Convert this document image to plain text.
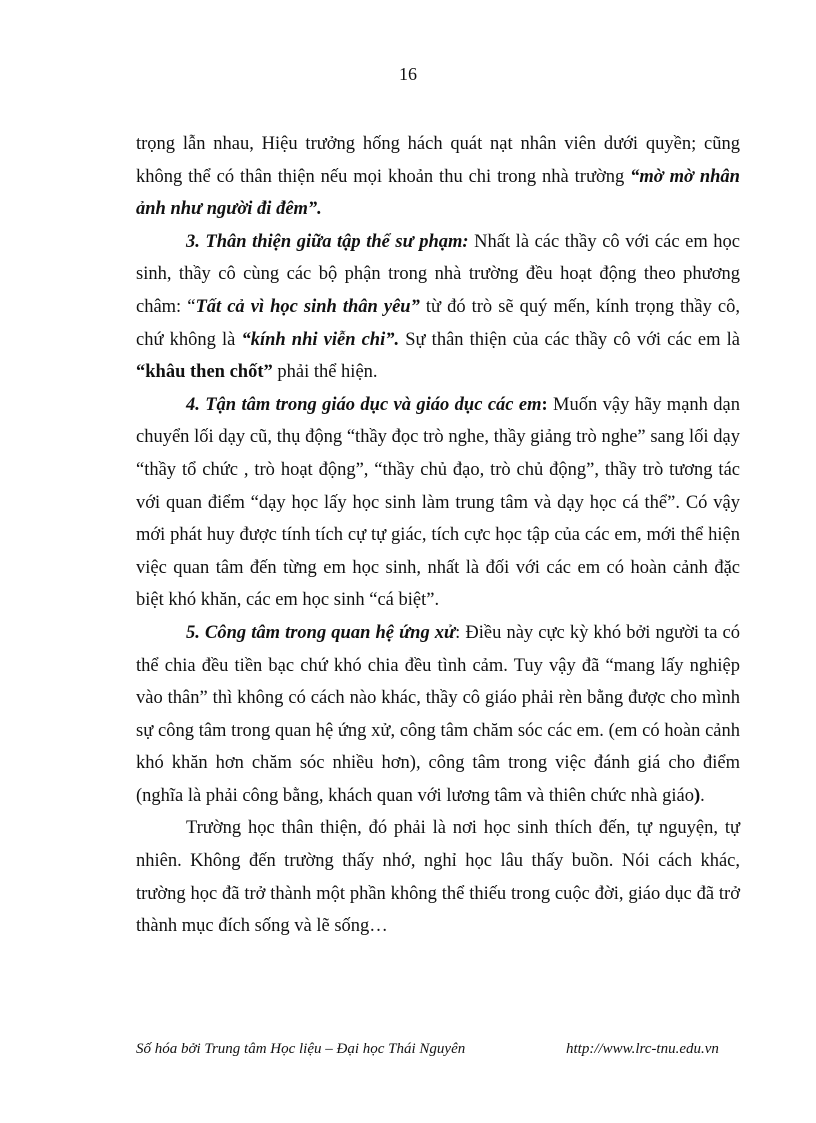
16

trọng lẫn nhau, Hiệu trưởng hống hách quát nạt nhân viên dưới quyền; cũng không thể có thân thiện nếu mọi khoản thu chi trong nhà trường “mờ mờ nhân ảnh như người đi đêm”.

3. Thân thiện giữa tập thể sư phạm: Nhất là các thầy cô với các em học sinh, thầy cô cùng các bộ phận trong nhà trường đều hoạt động theo phương châm: “Tất cả vì học sinh thân yêu” từ đó trò sẽ quý mến, kính trọng thầy cô, chứ không là “kính nhi viễn chi”. Sự thân thiện của các thầy cô với các em là “khâu then chốt” phải thể hiện.

4. Tận tâm trong giáo dục và giáo dục các em: Muốn vậy hãy mạnh dạn chuyển lối dạy cũ, thụ động “thầy đọc trò nghe, thầy giảng trò nghe” sang lối dạy “thầy tổ chức , trò hoạt động”, “thầy chủ đạo, trò chủ động”, thầy trò tương tác với quan điểm “dạy học lấy học sinh làm trung tâm và dạy học cá thể”. Có vậy mới phát huy được tính tích cự tự giác, tích cực học tập của các em, mới thể hiện việc quan tâm đến từng em học sinh, nhất là đối với các em có hoàn cảnh đặc biệt khó khăn, các em học sinh “cá biệt”.

5. Công tâm trong quan hệ ứng xử: Điều này cực kỳ khó bởi người ta có thể chia đều tiền bạc chứ khó chia đều tình cảm. Tuy vậy đã “mang lấy nghiệp vào thân” thì không có cách nào khác, thầy cô giáo phải rèn bằng được cho mình sự công tâm trong quan hệ ứng xử, công tâm chăm sóc các em. (em có hoàn cảnh khó khăn hơn chăm sóc nhiều hơn), công tâm trong việc đánh giá cho điểm (nghĩa là phải công bằng, khách quan với lương tâm và thiên chức nhà giáo).

Trường học thân thiện, đó phải là nơi học sinh thích đến, tự nguyện, tự nhiên. Không đến trường thấy nhớ, nghỉ học lâu thấy buồn. Nói cách khác, trường học đã trở thành một phần không thể thiếu trong cuộc đời, giáo dục đã trở thành mục đích sống và lẽ sống…

Số hóa bởi Trung tâm Học liệu – Đại học Thái Nguyên	http://www.lrc-tnu.edu.vn
